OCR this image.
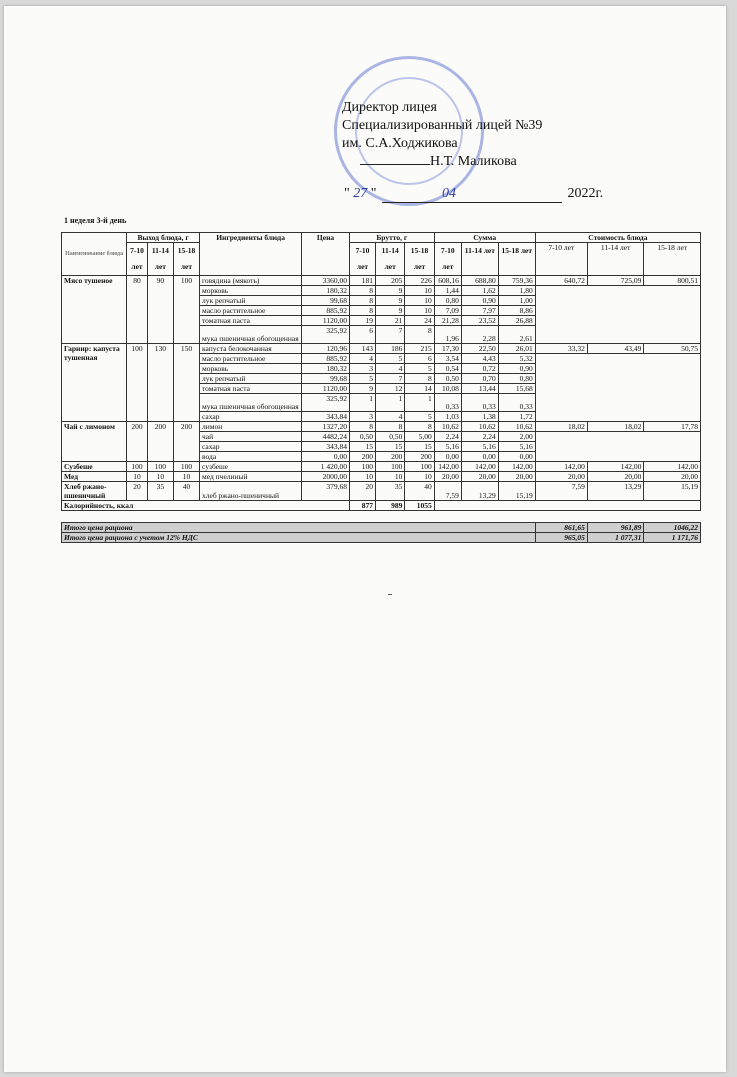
Директор лицея
Специализированный лицей №39
им. С.А.Ходжикова
Н.Т. Маликова
" 27 "	04	2022г.
1 неделя 3-й день
Наименование блюда	Выход блюда, г			Ингредиенты блюда	Цена	Брутто, г			Сумма			Стоимость блюда		
	7-10 лет	11-14 лет	15-18 лет			7-10 лет	11-14 лет	15-18 лет	7-10 лет	11-14 лет	15-18 лет	7-10 лет	11-14 лет	15-18 лет
Мясо тушеное	80	90	100	говядина (мякоть)	3360,00	181	205	226	608,16	688,80	759,36	640,72	725,09	800,51
				морковь	180,32	8	9	10	1,44	1,62	1,80			
				лук репчатый	99,68	8	9	10	0,80	0,90	1,00			
				масло растительное	885,92	8	9	10	7,09	7,97	8,86			
				томатная паста	1120,00	19	21	24	21,28	23,52	26,88			
				мука пшеничная обогощенная	325,92	6	7	8	1,96	2,28	2,61			
Гарнир: капуста тушенная	100	130	150	капуста белокочанная	120,96	143	186	215	17,30	22,50	26,01	33,32	43,49	50,75
				масло растительное	885,92	4	5	6	3,54	4,43	5,32			
				морковь	180,32	3	4	5	0,54	0,72	0,90			
				лук репчатый	99,68	5	7	8	0,50	0,70	0,80			
				томатная паста	1120,00	9	12	14	10,08	13,44	15,68			
				мука пшеничная обогощенная	325,92	1	1	1	0,33	0,33	0,33			
				сахар	343,84	3	4	5	1,03	1,38	1,72			
Чай с лимоном	200	200	200	лимон	1327,20	8	8	8	10,62	10,62	10,62	18,02	18,02	17,78
				чай	4482,24	0,50	0,50	5,00	2,24	2,24	2,00			
				сахар	343,84	15	15	15	5,16	5,16	5,16			
				вода	0,00	200	200	200	0,00	0,00	0,00			
Сузбеше	100	100	100	сузбеше	1 420,00	100	100	100	142,00	142,00	142,00	142,00	142,00	142,00
Мед	10	10	10	мед пчелиный	2000,00	10	10	10	20,00	20,00	20,00	20,00	20,00	20,00
Хлеб ржано-пшеничный	20	35	40	хлеб ржано-пшеничный	379,68	20	35	40	7,59	13,29	15,19	7,59	13,29	15,19
Калорийность, ккал						877	989	1055						

Итого цена рациона												861,65	961,89	1046,22
Итого цена рациона с учетом 12% НДС												965,05	1 077,31	1 171,76
